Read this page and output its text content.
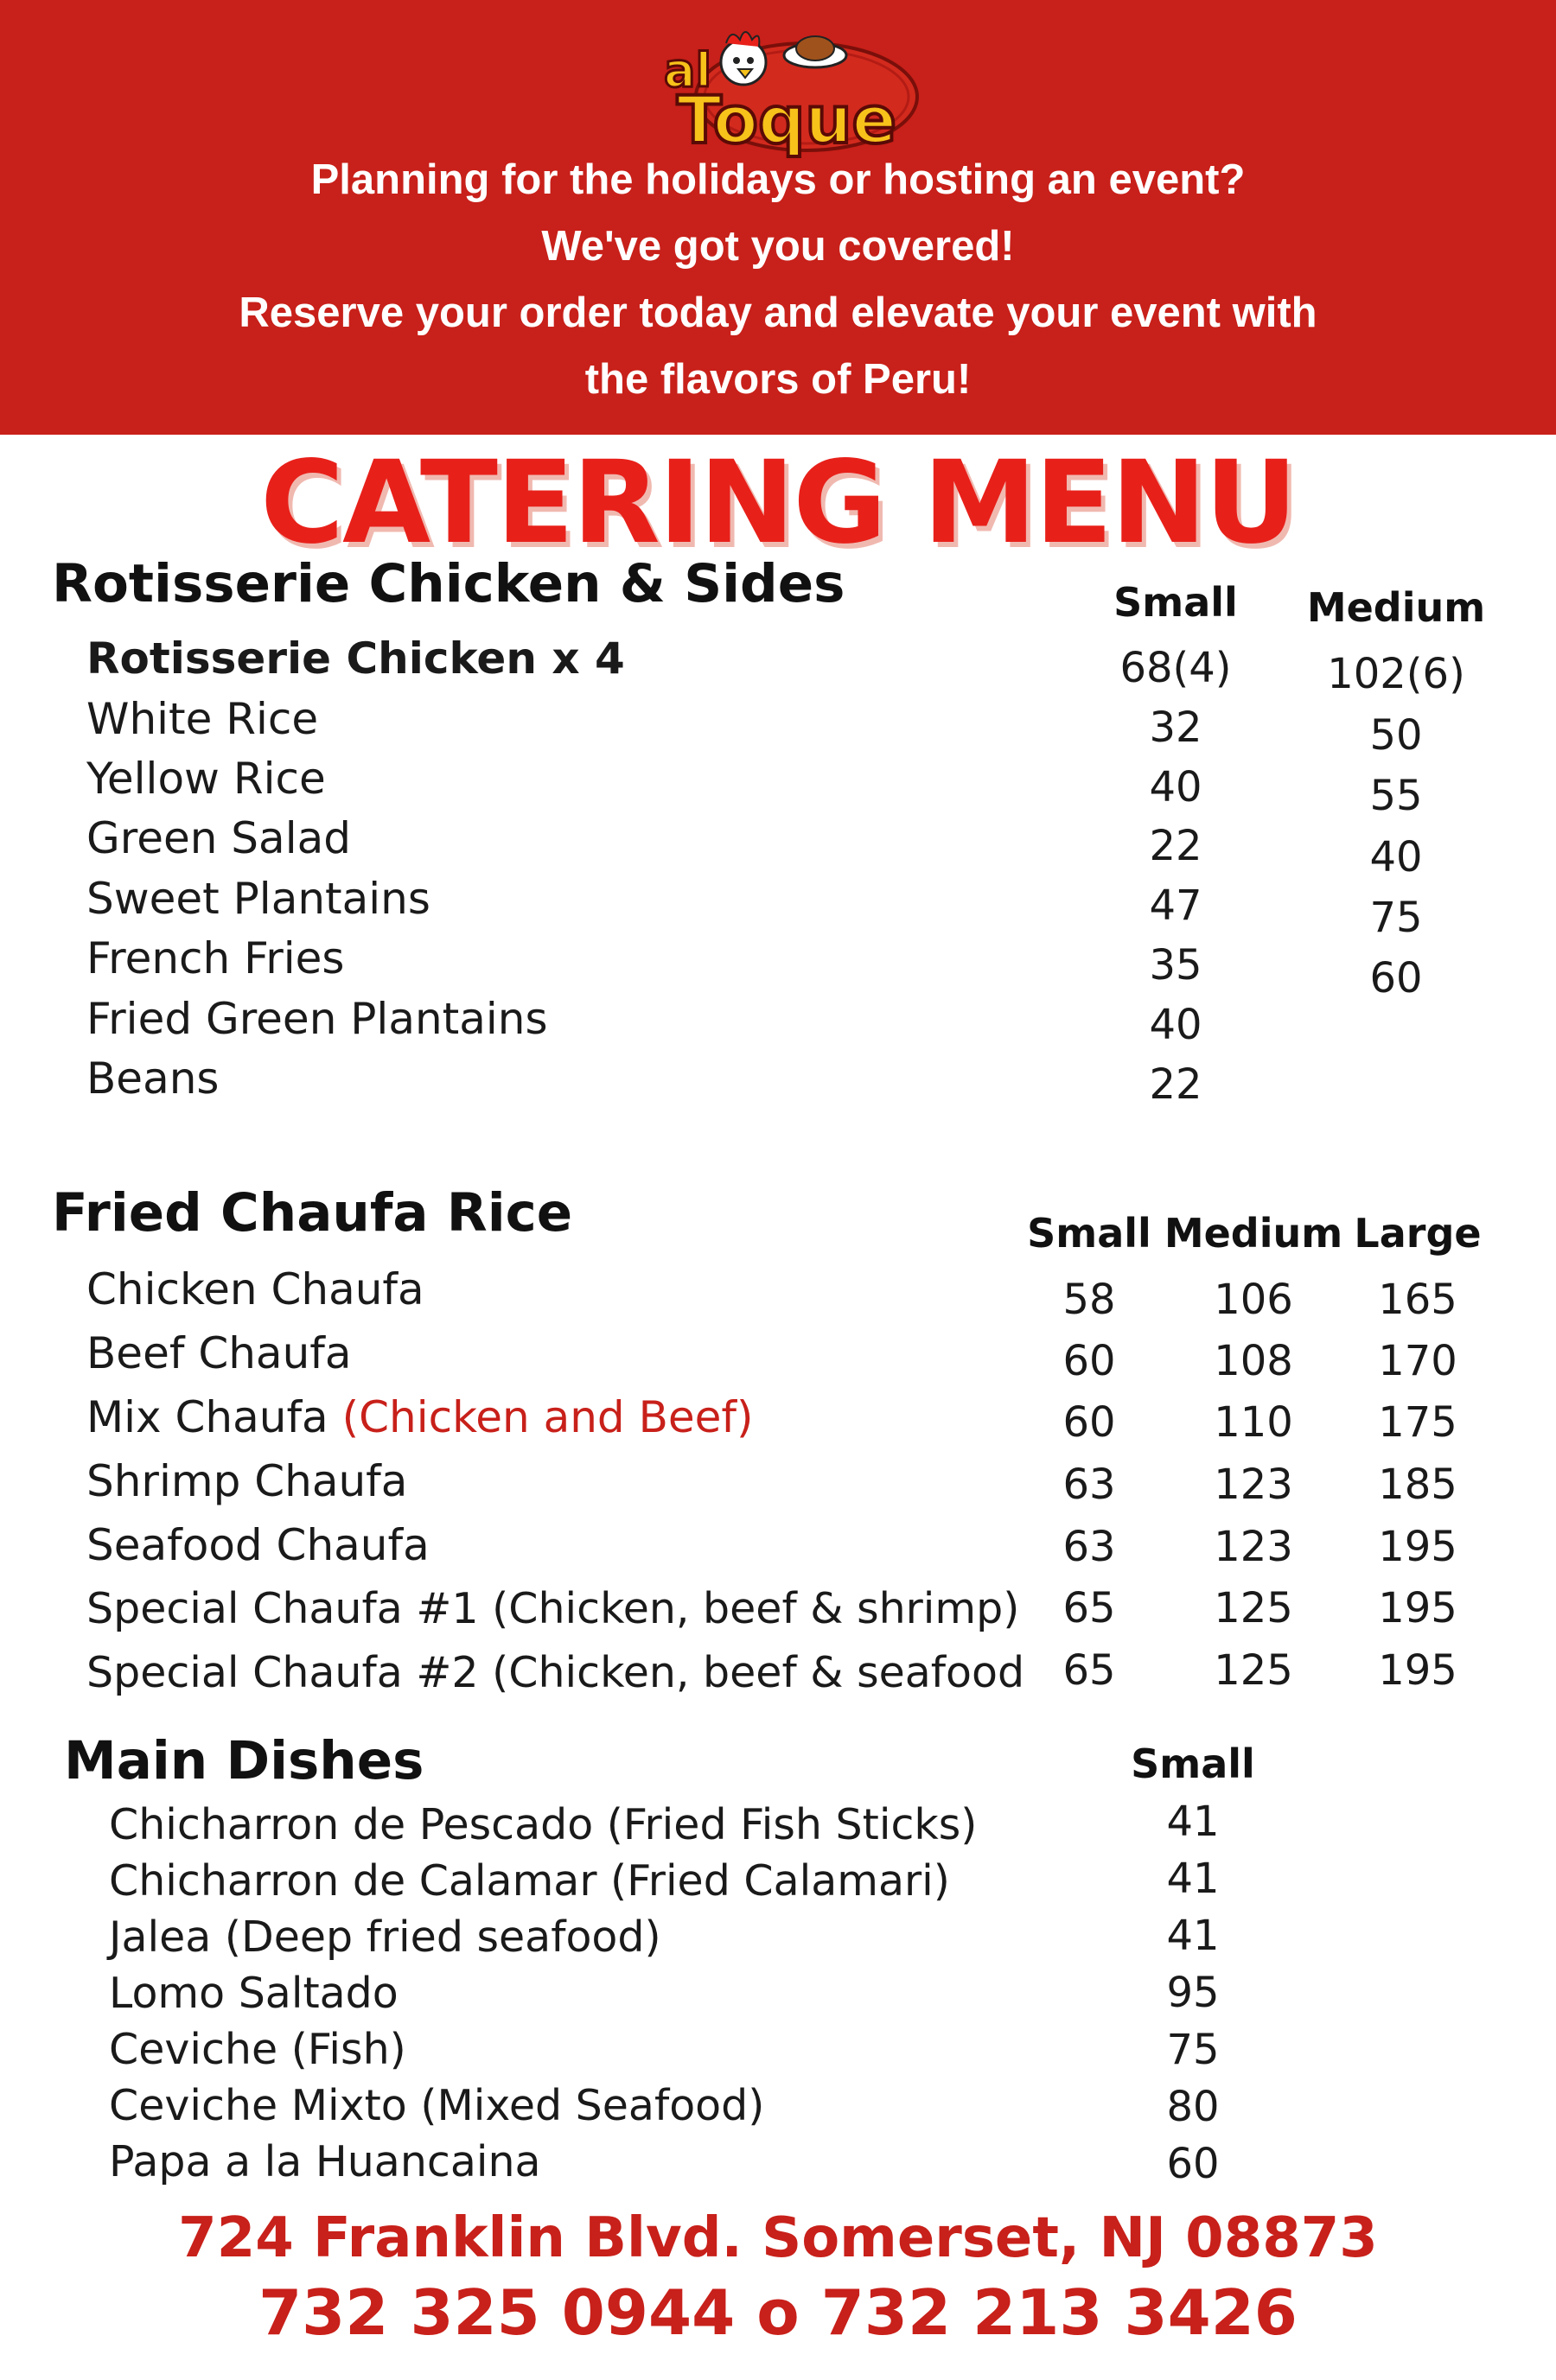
al
Toque
Planning for the holidays or hosting an event?
We've got you covered!
Reserve your order today and elevate your event with
the flavors of Peru!
CATERING MENU
Rotisserie Chicken & Sides	Small	Medium
Rotisserie Chicken x 4	68(4)	102(6)
White Rice	32	50
Yellow Rice	40	55
Green Salad	22	40
Sweet Plantains	47	75
French Fries	35	60
Fried Green Plantains	40
Beans	22
Fried Chaufa Rice	Small Medium Large
Chicken Chaufa	58	106	165
Beef Chaufa	60	108	170
Mix Chaufa (Chicken and Beef)	60	110	175
Shrimp Chaufa	63	123	185
Seafood Chaufa	63	123	195
Special Chaufa #1 (Chicken, beef & shrimp)	65	125	195
Special Chaufa #2 (Chicken, beef & seafood 65	125	195
Main Dishes	Small
Chicharron de Pescado (Fried Fish Sticks)	41
Chicharron de Calamar (Fried Calamari)	41
Jalea (Deep fried seafood)	41
Lomo Saltado	95
Ceviche (Fish)	75
Ceviche Mixto (Mixed Seafood)	80
Papa a la Huancaina	60
724 Franklin Blvd. Somerset, NJ 08873
732 325 0944 o 732 213 3426
